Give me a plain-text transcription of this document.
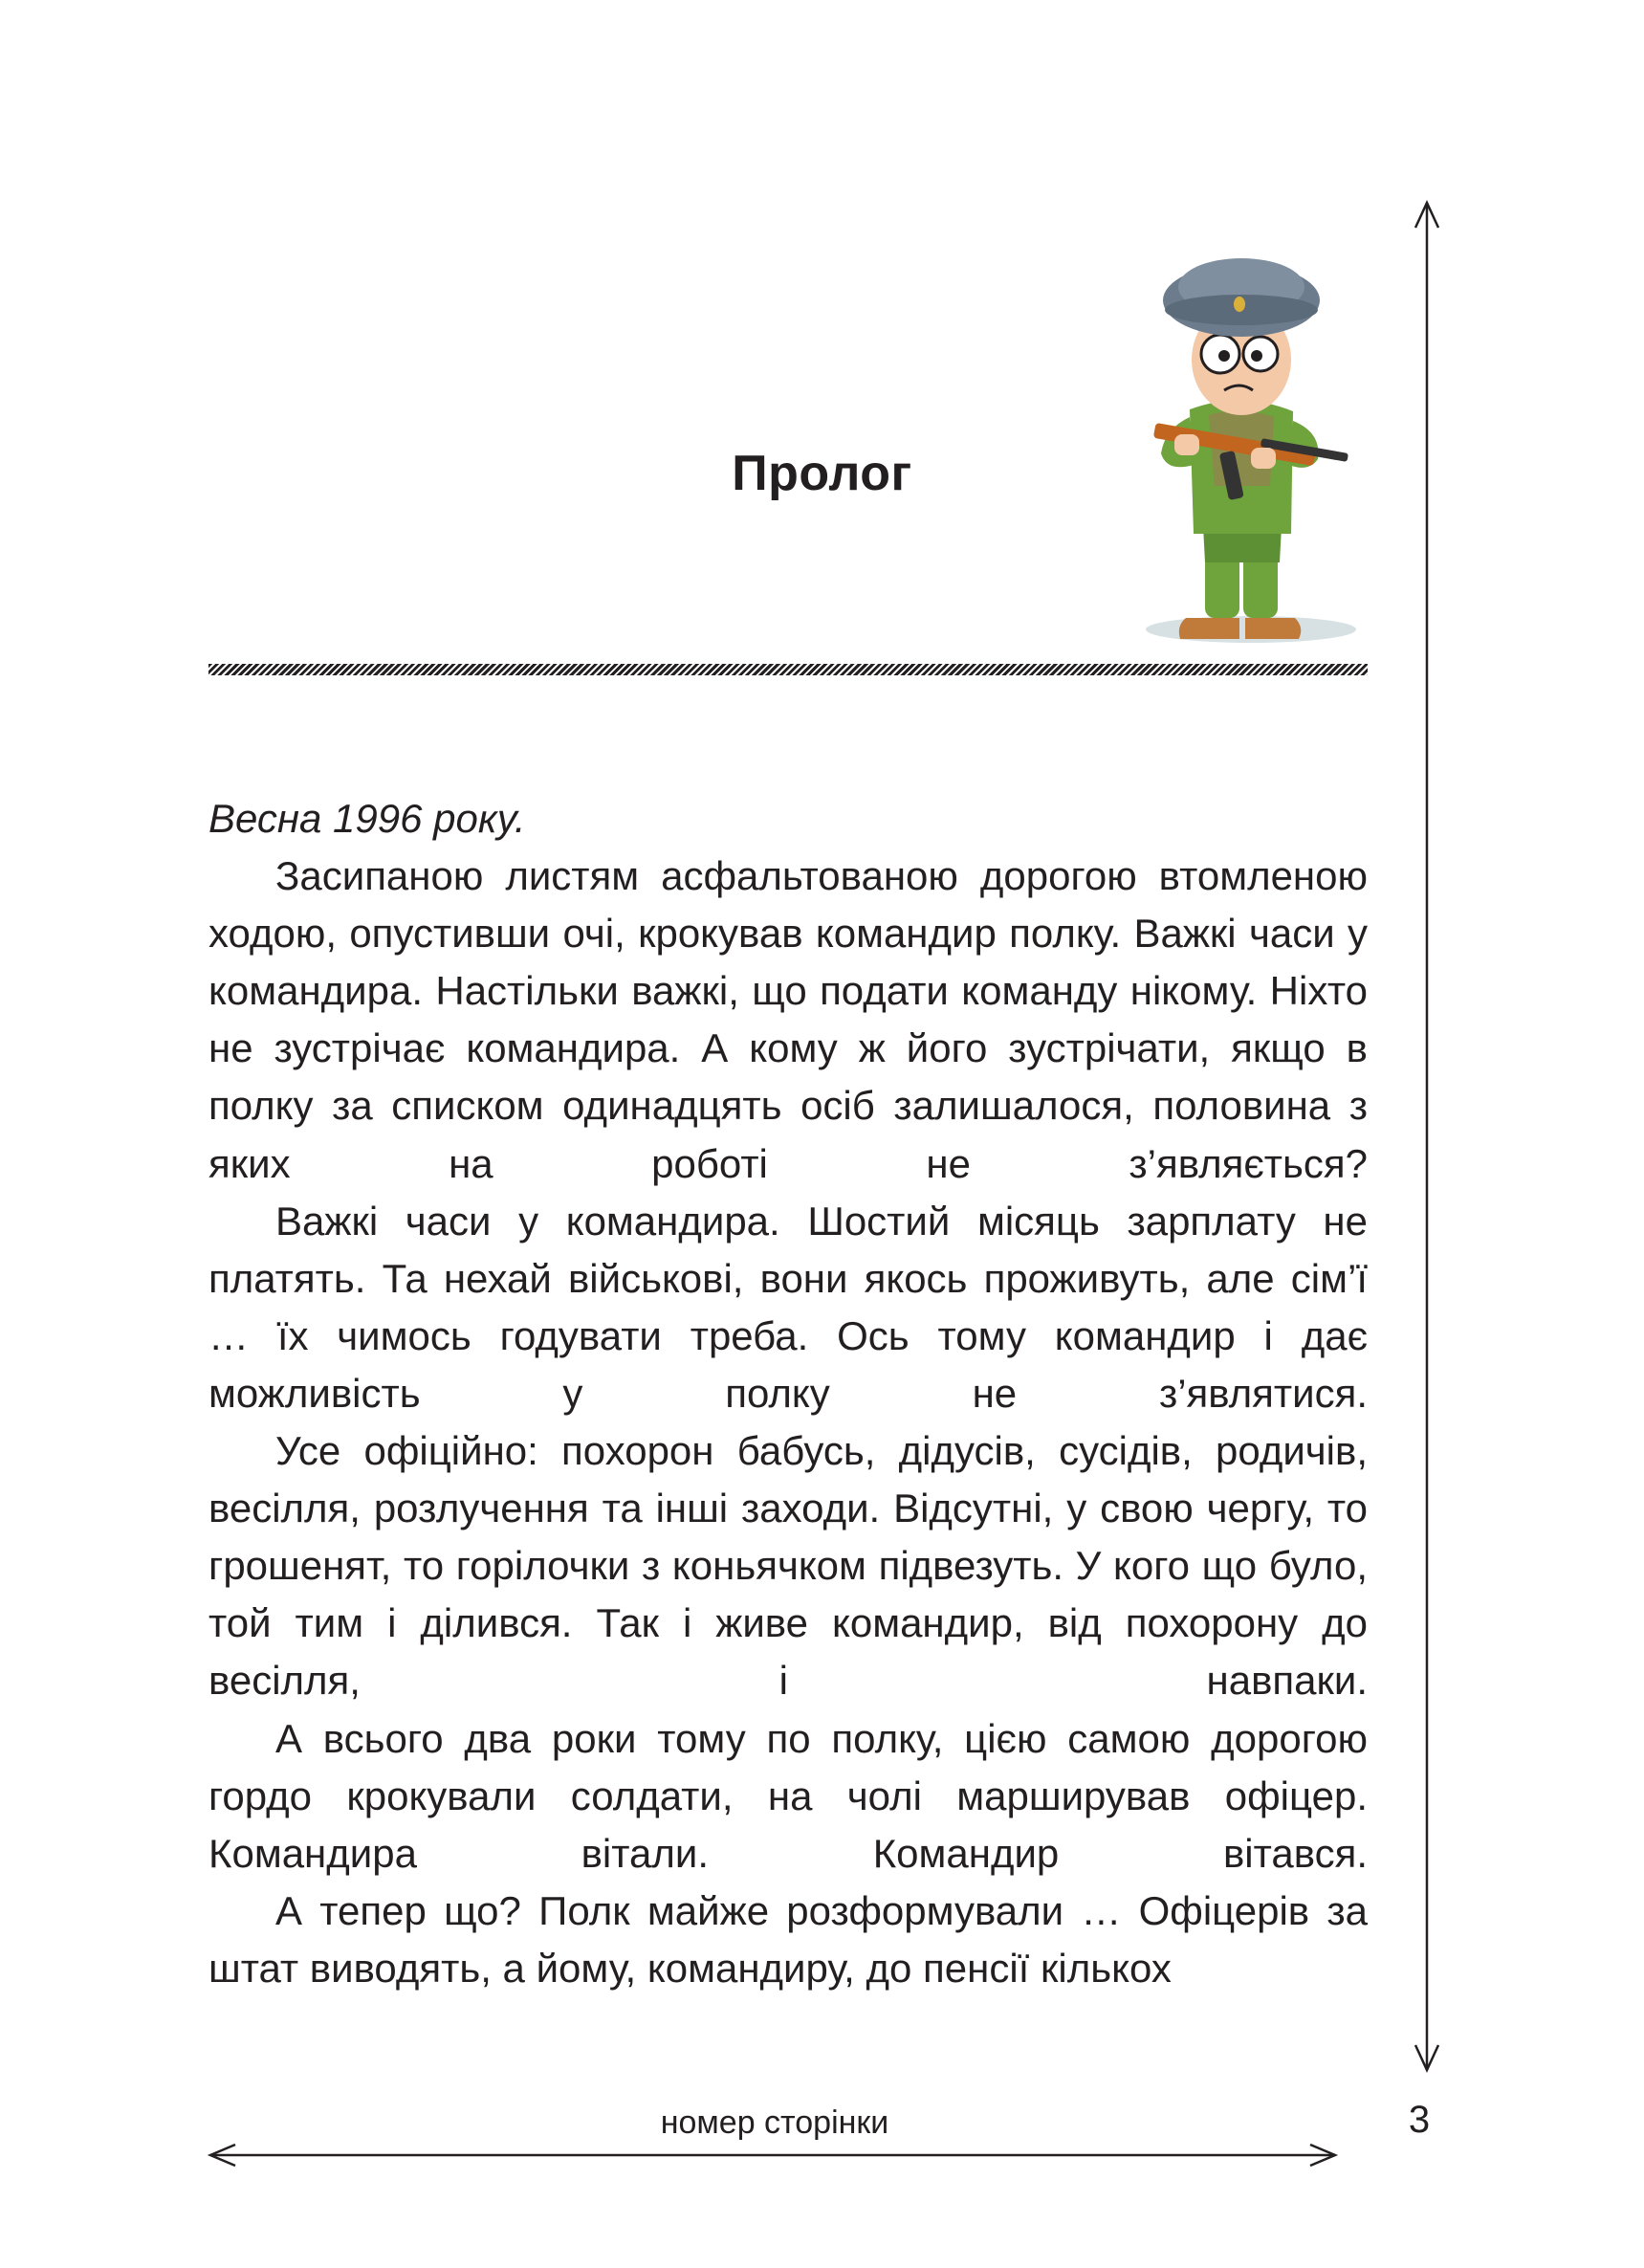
Пролог

Весна 1996 року.

Засипаною листям асфальтованою дорогою втомленою ходою, опустивши очі, крокував командир полку. Важкі часи у командира. Настільки важкі, що подати команду нікому. Ніхто не зустрічає командира. А кому ж його зустрічати, якщо в полку за списком одинадцять осіб залишалося, половина з яких на роботі не з’являється?

Важкі часи у командира. Шостий місяць зарплату не платять. Та нехай військові, вони якось проживуть, але сім’ї … їх чимось годувати треба. Ось тому командир і дає можливість у полку не з’являтися.

Усе офіційно: похорон бабусь, дідусів, сусідів, родичів, весілля, розлучення та інші заходи. Відсутні, у свою чергу, то грошенят, то горілочки з коньячком підвезуть. У кого що було, той тим і ділився. Так і живе командир, від похорону до весілля, і навпаки.

А всього два роки тому по полку, цією самою дорогою гордо крокували солдати, на чолі марширував офіцер. Командира вітали. Командир вітався.

А тепер що? Полк майже розформували … Офіцерів за штат виводять, а йому, командиру, до пенсії кількох

номер сторінки	3
